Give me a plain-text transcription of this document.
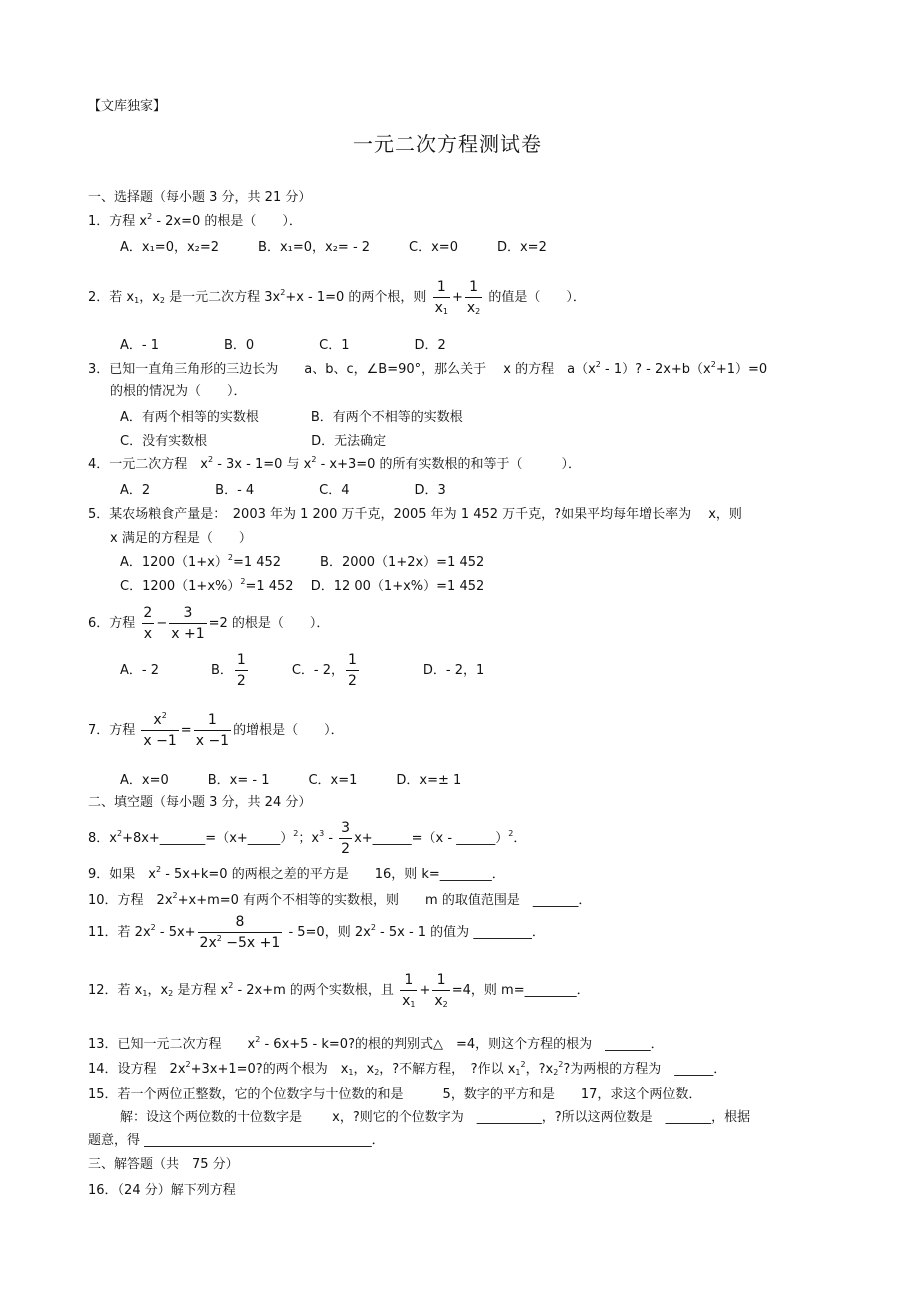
【文库独家】
一元二次方程测试卷
一、选择题（每小题 3 分，共 21 分）
1．方程 $x^2 - 2x=0$ 的根是（　　）．
A．x₁=0，x₂=2　　　B．x₁=0，x₂= - 2　　　C．x=0　　　D．x=2
2．若 $x_1$，$x_2$ 是一元二次方程 $3x^2+x - 1=0$ 的两个根，则 $\frac{1}{x_1} + \frac{1}{x_2}$ 的值是（　　）．
A．- 1　　　　　B．0　　　　　C．1　　　　　D．2
3．已知一直角三角形的三边长为　　a、b、c，∠B=90°，那么关于　 x 的方程　$a(x^2 - 1)$? - $2x+b(x^2+1)=0$
的根的情况为（　　）．
A．有两个相等的实数根　　　　B．有两个不相等的实数根
C．没有实数根　　　　　　　　D．无法确定
4．一元二次方程　$x^2 - 3x - 1=0$ 与 $x^2 - x+3=0$ 的所有实数根的和等于（　　　）．
A．2　　　　　B．- 4　　　　　C．4　　　　　D．3
5．某农场粮食产量是：　2003 年为 1 200 万千克，2005 年为 1 452 万千克，?如果平均每年增长率为　 x，则
x 满足的方程是（　　）
A．$1200(1+x)^2=1$ 452　　　B．2000（1+2x）=1 452
C．$1200(1+x\%)^2=1$ 452　 D．12 00（1+x%）=1 452
6．方程 $\frac{2}{x} - \frac{3}{x +1} =2$ 的根是（　　）．
A．- 2　　　　B． $\frac{1}{2}$	C．- 2， $\frac{1}{2}$	D．- 2，1
7．方程 $\frac{x^2}{x -1} = \frac{1}{x -1}$ 的增根是（　　）．
A．x=0　　　B．x= - 1　　　C．x=1　　　D．x=± 1
二、填空题（每小题 3 分，共 24 分）
8．$x^2+8x+\_\_\_\_\_\_\_=(x+\_\_\_\_\_)^2$；$x^3 - \frac{3}{2}$ x+______=（x - ______）$^2$．
9．如果　$x^2 - 5x+k=0$ 的两根之差的平方是　　16，则 k=________．
10．方程　$2x^2+x+m=0$ 有两个不相等的实数根，则　　m 的取值范围是　_______．
11．若 $2x^2 - 5x+ \frac{8}{2x^2 -5x +1} - 5=0$，则 $2x^2 - 5x - 1$ 的值为 _________．
12．若 $x_1$，$x_2$ 是方程 $x^2 - 2x+m$ 的两个实数根，且 $\frac{1}{x_1} + \frac{1}{x_2} =4$，则 m=________．
13．已知一元二次方程　　$x^2 - 6x+5 - k=0$?的根的判别式△　=4，则这个方程的根为　_______．
14．设方程　$2x^2+3x+1=0$?的两个根为　$x_1$，$x_2$，?不解方程，　?作以 $x_1^2$，$?x_2^2$?为两根的方程为　______．
15．若一个两位正整数，它的个位数字与十位数的和是　　　5，数字的平方和是　　17，求这个两位数．
解：设这个两位数的十位数字是　　 x，?则它的个位数字为　__________，?所以这两位数是　_______，根据
题意，得 ___________________________________．
三、解答题（共　75 分）
16．（24 分）解下列方程
